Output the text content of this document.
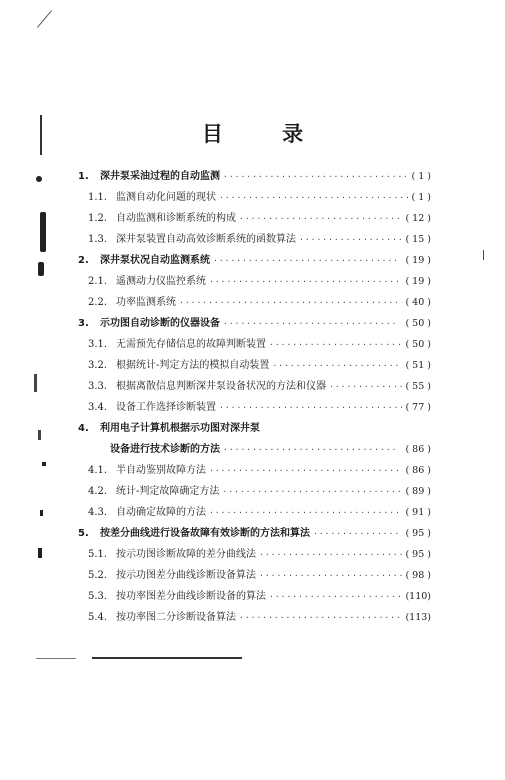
目 录
1.	深井泵采油过程的自动监测 ·····	( 1 )
1.1. 监测自动化问题的现状 ·····	( 1 )
1.2. 自动监测和诊断系统的构成 ·····	( 12 )
1.3. 深井泵装置自动高效诊断系统的函数算法 ·····	( 15 )
2.	深井泵状况自动监测系统 ·····	( 19 )
2.1. 遥测动力仪监控系统 ·····	( 19 )
2.2. 功率监测系统 ·····	( 40 )
3.	示功图自动诊断的仪器设备 ·····	( 50 )
3.1. 无需预先存储信息的故障判断装置 ·····	( 50 )
3.2. 根据统计-判定方法的模拟自动装置 ·····	( 51 )
3.3. 根据离散信息判断深井泵设备状况的方法和仪器 ·····	( 55 )
3.4. 设备工作选择诊断装置 ·····	( 77 )
4.	利用电子计算机根据示功图对深井泵
设备进行技术诊断的方法 ·····	( 86 )
4.1. 半自动鉴别故障方法 ·····	( 86 )
4.2. 统计-判定故障确定方法 ·····	( 89 )
4.3. 自动确定故障的方法 ·····	( 91 )
5.	按差分曲线进行设备故障有效诊断的方法和算法 ·····	( 95 )
5.1. 按示功图诊断故障的差分曲线法 ·····	( 95 )
5.2. 按示功图差分曲线诊断设备算法 ·····	( 98 )
5.3. 按功率图差分曲线诊断设备的算法 ·····	(110)
5.4. 按功率图二分诊断设备算法 ·····	(113)
